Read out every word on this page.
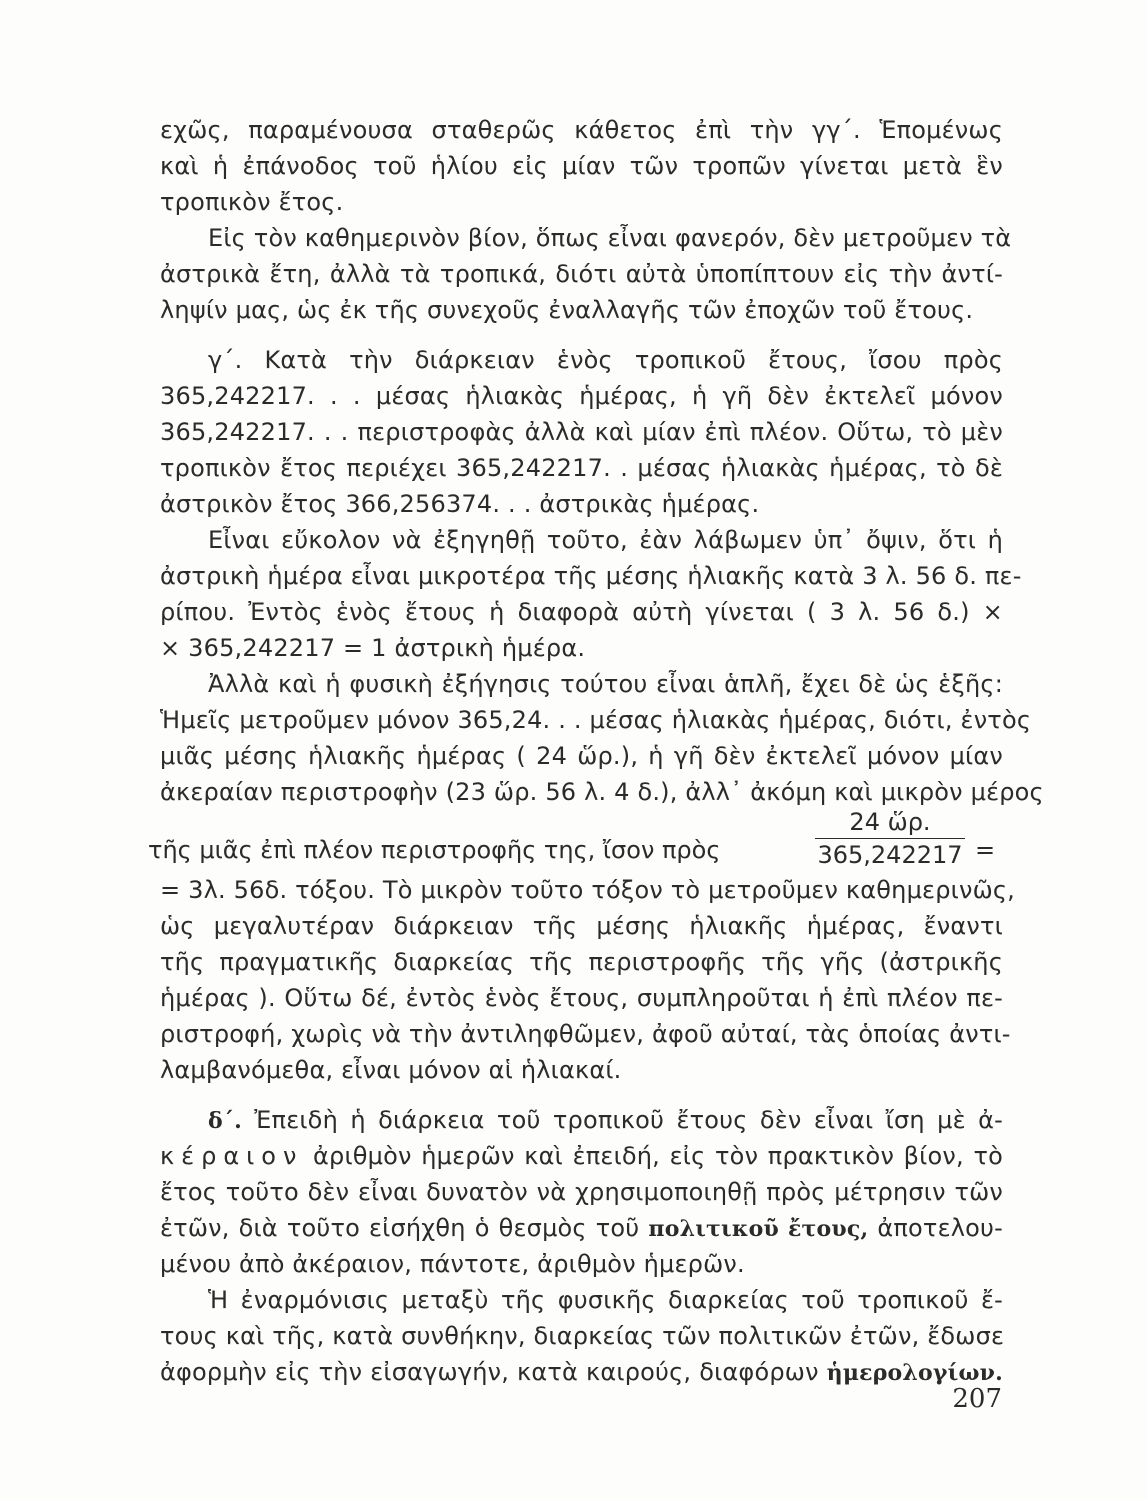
εχῶς, παραμένουσα σταθερῶς κάθετος ἐπὶ τὴν γγ΄. Ἑπομένως
καὶ ἡ ἐπάνοδος τοῦ ἡλίου εἰς μίαν τῶν τροπῶν γίνεται μετὰ ἓν
τροπικὸν ἔτος.
Εἰς τὸν καθημερινὸν βίον, ὅπως εἶναι φανερόν, δὲν μετροῦμεν τὰ
ἀστρικὰ ἔτη, ἀλλὰ τὰ τροπικά, διότι αὐτὰ ὑποπίπτουν εἰς τὴν ἀντί-
ληψίν μας, ὡς ἐκ τῆς συνεχοῦς ἐναλλαγῆς τῶν ἐποχῶν τοῦ ἔτους.
γ΄. Κατὰ τὴν διάρκειαν ἑνὸς τροπικοῦ ἔτους, ἴσου πρὸς
365,242217. . . μέσας ἡλιακὰς ἡμέρας, ἡ γῆ δὲν ἐκτελεῖ μόνον
365,242217. . . περιστροφὰς ἀλλὰ καὶ μίαν ἐπὶ πλέον. Οὕτω, τὸ μὲν
τροπικὸν ἔτος περιέχει 365,242217. . μέσας ἡλιακὰς ἡμέρας, τὸ δὲ
ἀστρικὸν ἔτος 366,256374. . . ἀστρικὰς ἡμέρας.
Εἶναι εὔκολον νὰ ἐξηγηθῇ τοῦτο, ἐὰν λάβωμεν ὑπ᾽ ὄψιν, ὅτι ἡ
ἀστρικὴ ἡμέρα εἶναι μικροτέρα τῆς μέσης ἡλιακῆς κατὰ 3 λ. 56 δ. πε-
ρίπου. Ἐντὸς ἑνὸς ἔτους ἡ διαφορὰ αὐτὴ γίνεται ( 3 λ. 56 δ.) ×
× 365,242217 = 1 ἀστρικὴ ἡμέρα.
Ἀλλὰ καὶ ἡ φυσικὴ ἐξήγησις τούτου εἶναι ἁπλῆ, ἔχει δὲ ὡς ἑξῆς:
Ἡμεῖς μετροῦμεν μόνον 365,24. . . μέσας ἡλιακὰς ἡμέρας, διότι, ἐντὸς
μιᾶς μέσης ἡλιακῆς ἡμέρας ( 24 ὥρ.), ἡ γῆ δὲν ἐκτελεῖ μόνον μίαν
ἀκεραίαν περιστροφὴν (23 ὥρ. 56 λ. 4 δ.), ἀλλ᾽ ἀκόμη καὶ μικρὸν μέρος
τῆς μιᾶς ἐπὶ πλέον περιστροφῆς της, ἴσον πρὸς	$\frac{\text{24 ὥρ.}}{365,242217}$ =
= 3λ. 56δ. τόξου. Τὸ μικρὸν τοῦτο τόξον τὸ μετροῦμεν καθημερινῶς,
ὡς μεγαλυτέραν διάρκειαν τῆς μέσης ἡλιακῆς ἡμέρας, ἔναντι
τῆς πραγματικῆς διαρκείας τῆς περιστροφῆς τῆς γῆς (ἀστρικῆς
ἡμέρας ). Οὕτω δέ, ἐντὸς ἑνὸς ἔτους, συμπληροῦται ἡ ἐπὶ πλέον πε-
ριστροφή, χωρὶς νὰ τὴν ἀντιληφθῶμεν, ἀφοῦ αὐταί, τὰς ὁποίας ἀντι-
λαμβανόμεθα, εἶναι μόνον αἱ ἡλιακαί.
δ΄. Ἐπειδὴ ἡ διάρκεια τοῦ τροπικοῦ ἔτους δὲν εἶναι ἴση μὲ ἀ-
κέραιον ἀριθμὸν ἡμερῶν καὶ ἐπειδή, εἰς τὸν πρακτικὸν βίον, τὸ
ἔτος τοῦτο δὲν εἶναι δυνατὸν νὰ χρησιμοποιηθῇ πρὸς μέτρησιν τῶν
ἐτῶν, διὰ τοῦτο εἰσήχθη ὁ θεσμὸς τοῦ πολιτικοῦ ἔτους, ἀποτελου-
μένου ἀπὸ ἀκέραιον, πάντοτε, ἀριθμὸν ἡμερῶν.
Ἡ ἐναρμόνισις μεταξὺ τῆς φυσικῆς διαρκείας τοῦ τροπικοῦ ἔ-
τους καὶ τῆς, κατὰ συνθήκην, διαρκείας τῶν πολιτικῶν ἐτῶν, ἔδωσε
ἀφορμὴν εἰς τὴν εἰσαγωγήν, κατὰ καιρούς, διαφόρων ἡμερολογίων.
207
